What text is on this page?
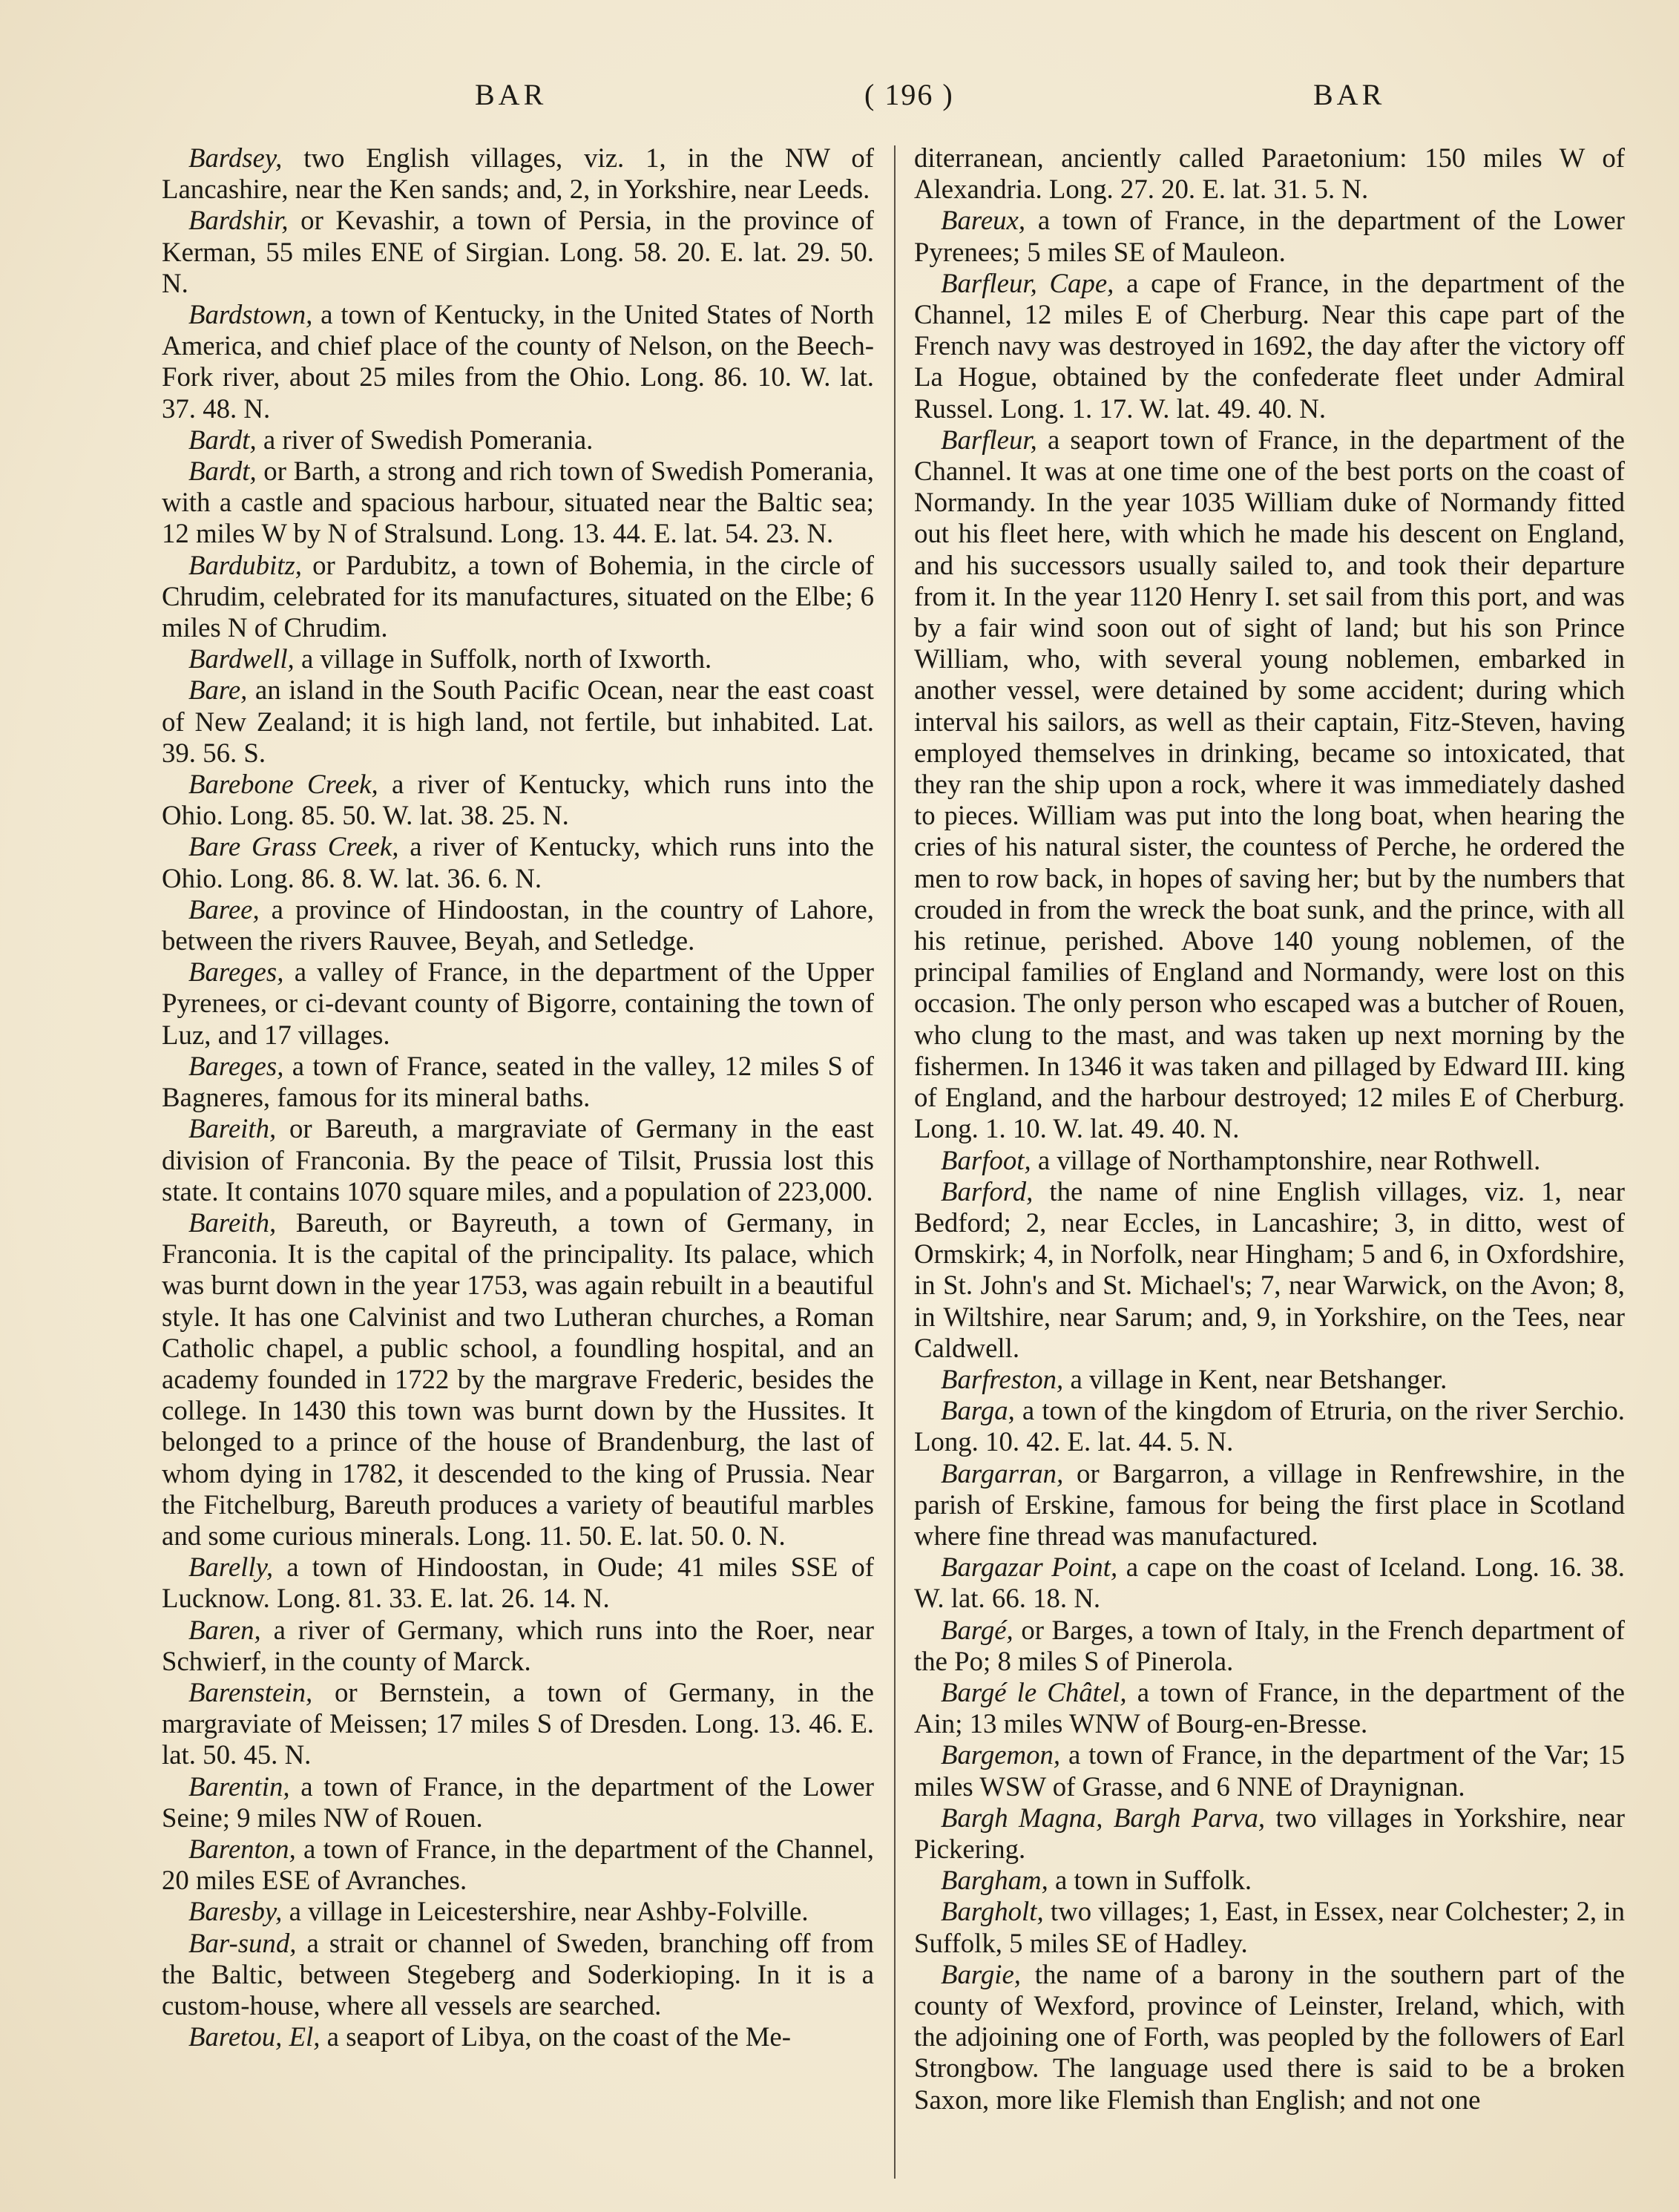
BAR	( 196 )	BAR

Bardsey, two English villages, viz. 1, in the NW of Lancashire, near the Ken sands; and, 2, in Yorkshire, near Leeds.

Bardshir, or Kevashir, a town of Persia, in the province of Kerman, 55 miles ENE of Sirgian. Long. 58. 20. E. lat. 29. 50. N.

Bardstown, a town of Kentucky, in the United States of North America, and chief place of the county of Nelson, on the Beech-Fork river, about 25 miles from the Ohio. Long. 86. 10. W. lat. 37. 48. N.

Bardt, a river of Swedish Pomerania.

Bardt, or Barth, a strong and rich town of Swedish Pomerania, with a castle and spacious harbour, situated near the Baltic sea; 12 miles W by N of Stralsund. Long. 13. 44. E. lat. 54. 23. N.

Bardubitz, or Pardubitz, a town of Bohemia, in the circle of Chrudim, celebrated for its manufactures, situated on the Elbe; 6 miles N of Chrudim.

Bardwell, a village in Suffolk, north of Ixworth.

Bare, an island in the South Pacific Ocean, near the east coast of New Zealand; it is high land, not fertile, but inhabited. Lat. 39. 56. S.

Barebone Creek, a river of Kentucky, which runs into the Ohio. Long. 85. 50. W. lat. 38. 25. N.

Bare Grass Creek, a river of Kentucky, which runs into the Ohio. Long. 86. 8. W. lat. 36. 6. N.

Baree, a province of Hindoostan, in the country of Lahore, between the rivers Rauvee, Beyah, and Setledge.

Bareges, a valley of France, in the department of the Upper Pyrenees, or ci-devant county of Bigorre, containing the town of Luz, and 17 villages.

Bareges, a town of France, seated in the valley, 12 miles S of Bagneres, famous for its mineral baths.

Bareith, or Bareuth, a margraviate of Germany in the east division of Franconia. By the peace of Tilsit, Prussia lost this state. It contains 1070 square miles, and a population of 223,000.

Bareith, Bareuth, or Bayreuth, a town of Germany, in Franconia. It is the capital of the principality. Its palace, which was burnt down in the year 1753, was again rebuilt in a beautiful style. It has one Calvinist and two Lutheran churches, a Roman Catholic chapel, a public school, a foundling hospital, and an academy founded in 1722 by the margrave Frederic, besides the college. In 1430 this town was burnt down by the Hussites. It belonged to a prince of the house of Brandenburg, the last of whom dying in 1782, it descended to the king of Prussia. Near the Fitchelburg, Bareuth produces a variety of beautiful marbles and some curious minerals. Long. 11. 50. E. lat. 50. 0. N.

Barelly, a town of Hindoostan, in Oude; 41 miles SSE of Lucknow. Long. 81. 33. E. lat. 26. 14. N.

Baren, a river of Germany, which runs into the Roer, near Schwierf, in the county of Marck.

Barenstein, or Bernstein, a town of Germany, in the margraviate of Meissen; 17 miles S of Dresden. Long. 13. 46. E. lat. 50. 45. N.

Barentin, a town of France, in the department of the Lower Seine; 9 miles NW of Rouen.

Barenton, a town of France, in the department of the Channel, 20 miles ESE of Avranches.

Baresby, a village in Leicestershire, near Ashby-Folville.

Bar-sund, a strait or channel of Sweden, branching off from the Baltic, between Stegeberg and Soderkioping. In it is a custom-house, where all vessels are searched.

Baretou, El, a seaport of Libya, on the coast of the Me-

diterranean, anciently called Paraetonium: 150 miles W of Alexandria. Long. 27. 20. E. lat. 31. 5. N.

Bareux, a town of France, in the department of the Lower Pyrenees; 5 miles SE of Mauleon.

Barfleur, Cape, a cape of France, in the department of the Channel, 12 miles E of Cherburg. Near this cape part of the French navy was destroyed in 1692, the day after the victory off La Hogue, obtained by the confederate fleet under Admiral Russel. Long. 1. 17. W. lat. 49. 40. N.

Barfleur, a seaport town of France, in the department of the Channel. It was at one time one of the best ports on the coast of Normandy. In the year 1035 William duke of Normandy fitted out his fleet here, with which he made his descent on England, and his successors usually sailed to, and took their departure from it. In the year 1120 Henry I. set sail from this port, and was by a fair wind soon out of sight of land; but his son Prince William, who, with several young noblemen, embarked in another vessel, were detained by some accident; during which interval his sailors, as well as their captain, Fitz-Steven, having employed themselves in drinking, became so intoxicated, that they ran the ship upon a rock, where it was immediately dashed to pieces. William was put into the long boat, when hearing the cries of his natural sister, the countess of Perche, he ordered the men to row back, in hopes of saving her; but by the numbers that crouded in from the wreck the boat sunk, and the prince, with all his retinue, perished. Above 140 young noblemen, of the principal families of England and Normandy, were lost on this occasion. The only person who escaped was a butcher of Rouen, who clung to the mast, and was taken up next morning by the fishermen. In 1346 it was taken and pillaged by Edward III. king of England, and the harbour destroyed; 12 miles E of Cherburg. Long. 1. 10. W. lat. 49. 40. N.

Barfoot, a village of Northamptonshire, near Rothwell.

Barford, the name of nine English villages, viz. 1, near Bedford; 2, near Eccles, in Lancashire; 3, in ditto, west of Ormskirk; 4, in Norfolk, near Hingham; 5 and 6, in Oxfordshire, in St. John's and St. Michael's; 7, near Warwick, on the Avon; 8, in Wiltshire, near Sarum; and, 9, in Yorkshire, on the Tees, near Caldwell.

Barfreston, a village in Kent, near Betshanger.

Barga, a town of the kingdom of Etruria, on the river Serchio. Long. 10. 42. E. lat. 44. 5. N.

Bargarran, or Bargarron, a village in Renfrewshire, in the parish of Erskine, famous for being the first place in Scotland where fine thread was manufactured.

Bargazar Point, a cape on the coast of Iceland. Long. 16. 38. W. lat. 66. 18. N.

Bargé, or Barges, a town of Italy, in the French department of the Po; 8 miles S of Pinerola.

Bargé le Châtel, a town of France, in the department of the Ain; 13 miles WNW of Bourg-en-Bresse.

Bargemon, a town of France, in the department of the Var; 15 miles WSW of Grasse, and 6 NNE of Draynignan.

Bargh Magna, Bargh Parva, two villages in Yorkshire, near Pickering.

Bargham, a town in Suffolk.

Bargholt, two villages; 1, East, in Essex, near Colchester; 2, in Suffolk, 5 miles SE of Hadley.

Bargie, the name of a barony in the southern part of the county of Wexford, province of Leinster, Ireland, which, with the adjoining one of Forth, was peopled by the followers of Earl Strongbow. The language used there is said to be a broken Saxon, more like Flemish than English; and not one
